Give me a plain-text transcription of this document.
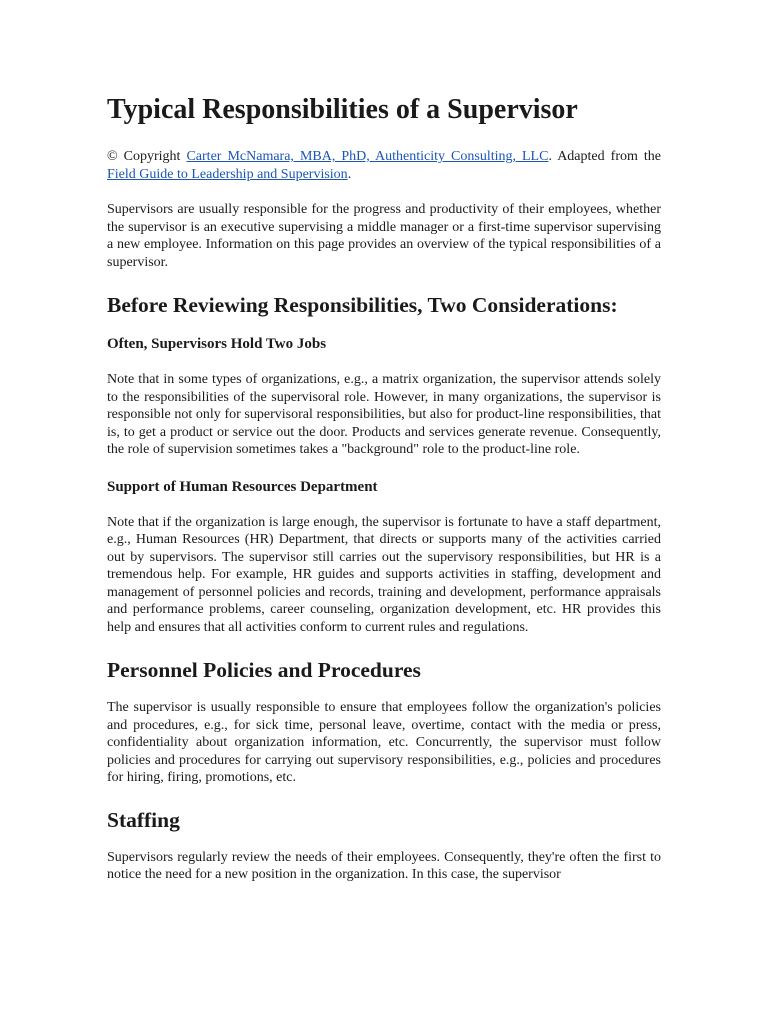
Typical Responsibilities of a Supervisor

© Copyright Carter McNamara, MBA, PhD, Authenticity Consulting, LLC. Adapted from the Field Guide to Leadership and Supervision.

Supervisors are usually responsible for the progress and productivity of their employees, whether the supervisor is an executive supervising a middle manager or a first-time supervisor supervising a new employee. Information on this page provides an overview of the typical responsibilities of a supervisor.

Before Reviewing Responsibilities, Two Considerations:
Often, Supervisors Hold Two Jobs

Note that in some types of organizations, e.g., a matrix organization, the supervisor attends solely to the responsibilities of the supervisoral role. However, in many organizations, the supervisor is responsible not only for supervisoral responsibilities, but also for product-line responsibilities, that is, to get a product or service out the door. Products and services generate revenue. Consequently, the role of supervision sometimes takes a "background" role to the product-line role.

Support of Human Resources Department

Note that if the organization is large enough, the supervisor is fortunate to have a staff department, e.g., Human Resources (HR) Department, that directs or supports many of the activities carried out by supervisors. The supervisor still carries out the supervisory responsibilities, but HR is a tremendous help. For example, HR guides and supports activities in staffing, development and management of personnel policies and records, training and development, performance appraisals and performance problems, career counseling, organization development, etc. HR provides this help and ensures that all activities conform to current rules and regulations.

Personnel Policies and Procedures

The supervisor is usually responsible to ensure that employees follow the organization's policies and procedures, e.g., for sick time, personal leave, overtime, contact with the media or press, confidentiality about organization information, etc. Concurrently, the supervisor must follow policies and procedures for carrying out supervisory responsibilities, e.g., policies and procedures for hiring, firing, promotions, etc.

Staffing

Supervisors regularly review the needs of their employees. Consequently, they're often the first to notice the need for a new position in the organization. In this case, the supervisor
